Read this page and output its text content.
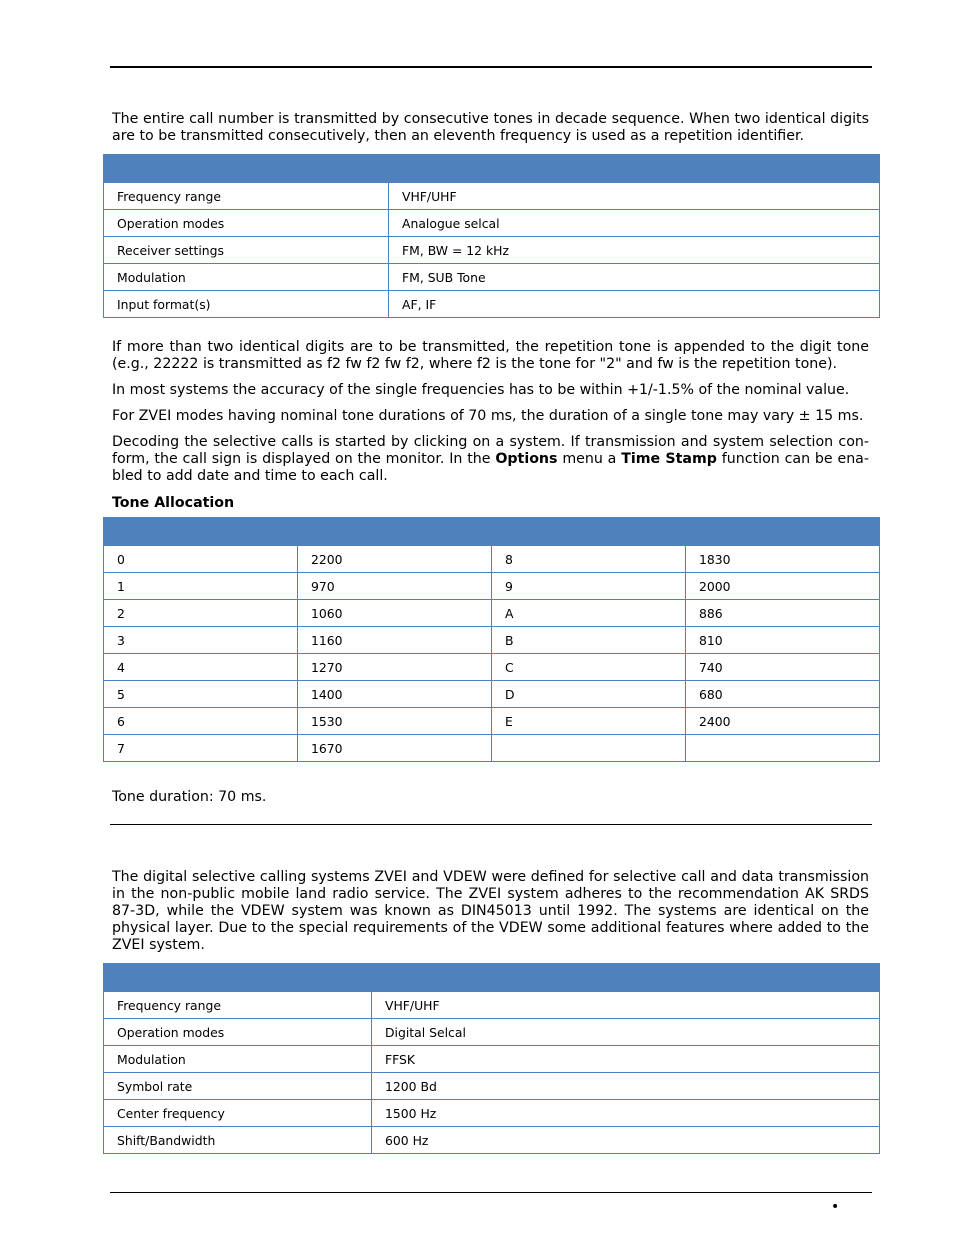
The entire call number is transmitted by consecutive tones in decade sequence. When two identical digits are to be transmitted consecutively, then an eleventh frequency is used as a repetition identifier.

Frequency range	VHF/UHF
Operation modes	Analogue selcal
Receiver settings	FM, BW = 12 kHz
Modulation	FM, SUB Tone
Input format(s)	AF, IF

If more than two identical digits are to be transmitted, the repetition tone is appended to the digit tone (e.g., 22222 is transmitted as f2 fw f2 fw f2, where f2 is the tone for "2" and fw is the repetition tone).

In most systems the accuracy of the single frequencies has to be within +1/-1.5% of the nominal value.

For ZVEI modes having nominal tone durations of 70 ms, the duration of a single tone may vary ± 15 ms.

Decoding the selective calls is started by clicking on a system. If transmission and system selection con-form, the call sign is displayed on the monitor. In the Options menu a Time Stamp function can be ena-bled to add date and time to each call.

Tone Allocation

0	2200	8	1830
1	970	9	2000
2	1060	A	886
3	1160	B	810
4	1270	C	740
5	1400	D	680
6	1530	E	2400
7	1670		

Tone duration: 70 ms.

The digital selective calling systems ZVEI and VDEW were defined for selective call and data transmission in the non-public mobile land radio service. The ZVEI system adheres to the recommendation AK SRDS 87-3D, while the VDEW system was known as DIN45013 until 1992. The systems are identical on the physical layer. Due to the special requirements of the VDEW some additional features where added to the ZVEI system.

Frequency range	VHF/UHF
Operation modes	Digital Selcal
Modulation	FFSK
Symbol rate	1200 Bd
Center frequency	1500 Hz
Shift/Bandwidth	600 Hz
•
